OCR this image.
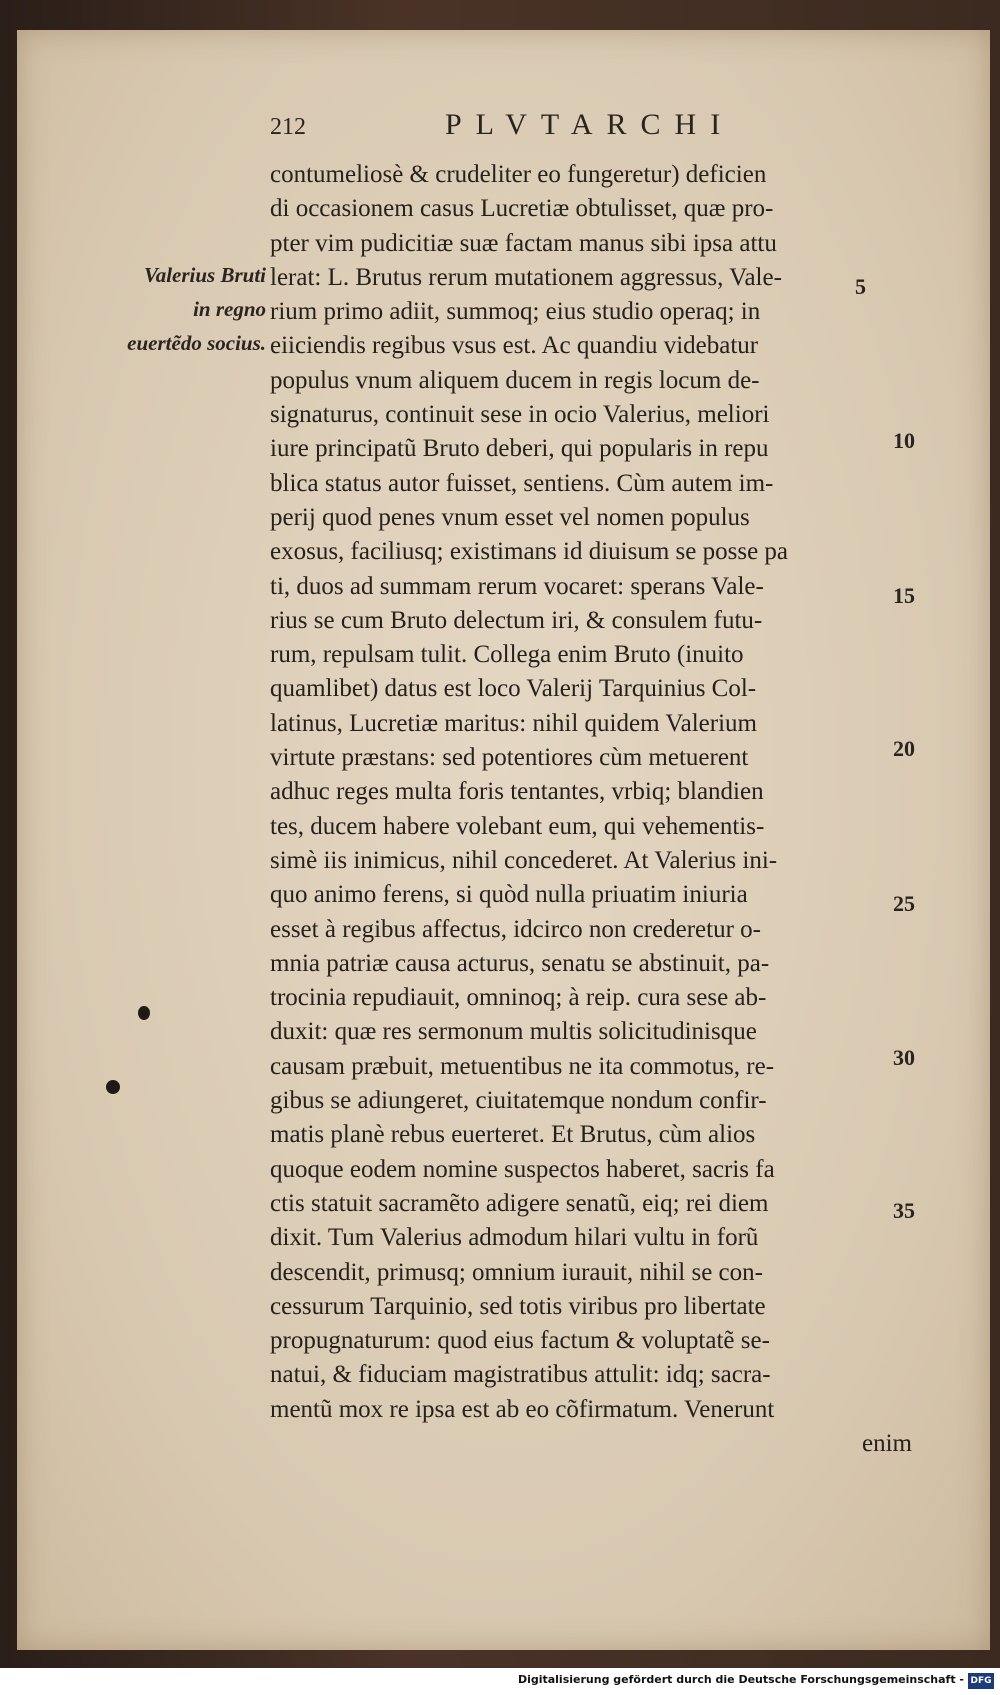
212	PLVTARCHI
Valerius Bruti in regno euertẽdo socius.
contumeliosè & crudeliter eo fungeretur) deficien
di occasionem casus Lucretiæ obtulisset, quæ pro-
pter vim pudicitiæ suæ factam manus sibi ipsa attu
lerat: L. Brutus rerum mutationem aggressus, Vale-
rium primo adiit, summoq; eius studio operaq; in
eiiciendis regibus vsus est. Ac quandiu videbatur
populus vnum aliquem ducem in regis locum de-
signaturus, continuit sese in ocio Valerius, meliori
iure principatũ Bruto deberi, qui popularis in repu
blica status autor fuisset, sentiens. Cùm autem im-
perij quod penes vnum esset vel nomen populus
exosus, faciliusq; existimans id diuisum se posse pa
ti, duos ad summam rerum vocaret: sperans Vale-
rius se cum Bruto delectum iri, & consulem futu-
rum, repulsam tulit. Collega enim Bruto (inuito
quamlibet) datus est loco Valerij Tarquinius Col-
latinus, Lucretiæ maritus: nihil quidem Valerium
virtute præstans: sed potentiores cùm metuerent
adhuc reges multa foris tentantes, vrbiq; blandien
tes, ducem habere volebant eum, qui vehementis-
simè iis inimicus, nihil concederet. At Valerius ini-
quo animo ferens, si quòd nulla priuatim iniuria
esset à regibus affectus, idcirco non crederetur o-
mnia patriæ causa acturus, senatu se abstinuit, pa-
trocinia repudiauit, omninoq; à reip. cura sese ab-
duxit: quæ res sermonum multis solicitudinisque
causam præbuit, metuentibus ne ita commotus, re-
gibus se adiungeret, ciuitatemque nondum confir-
matis planè rebus euerteret. Et Brutus, cùm alios
quoque eodem nomine suspectos haberet, sacris fa
ctis statuit sacramẽto adigere senatũ, eiq; rei diem
dixit. Tum Valerius admodum hilari vultu in forũ
descendit, primusq; omnium iurauit, nihil se con-
cessurum Tarquinio, sed totis viribus pro libertate
propugnaturum: quod eius factum & voluptatẽ se-
natui, & fiduciam magistratibus attulit: idq; sacra-
mentũ mox re ipsa est ab eo cõfirmatum. Venerunt
enim
5
10
15
20
25
30
35
Digitalisierung gefördert durch die Deutsche Forschungsgemeinschaft - DFG
